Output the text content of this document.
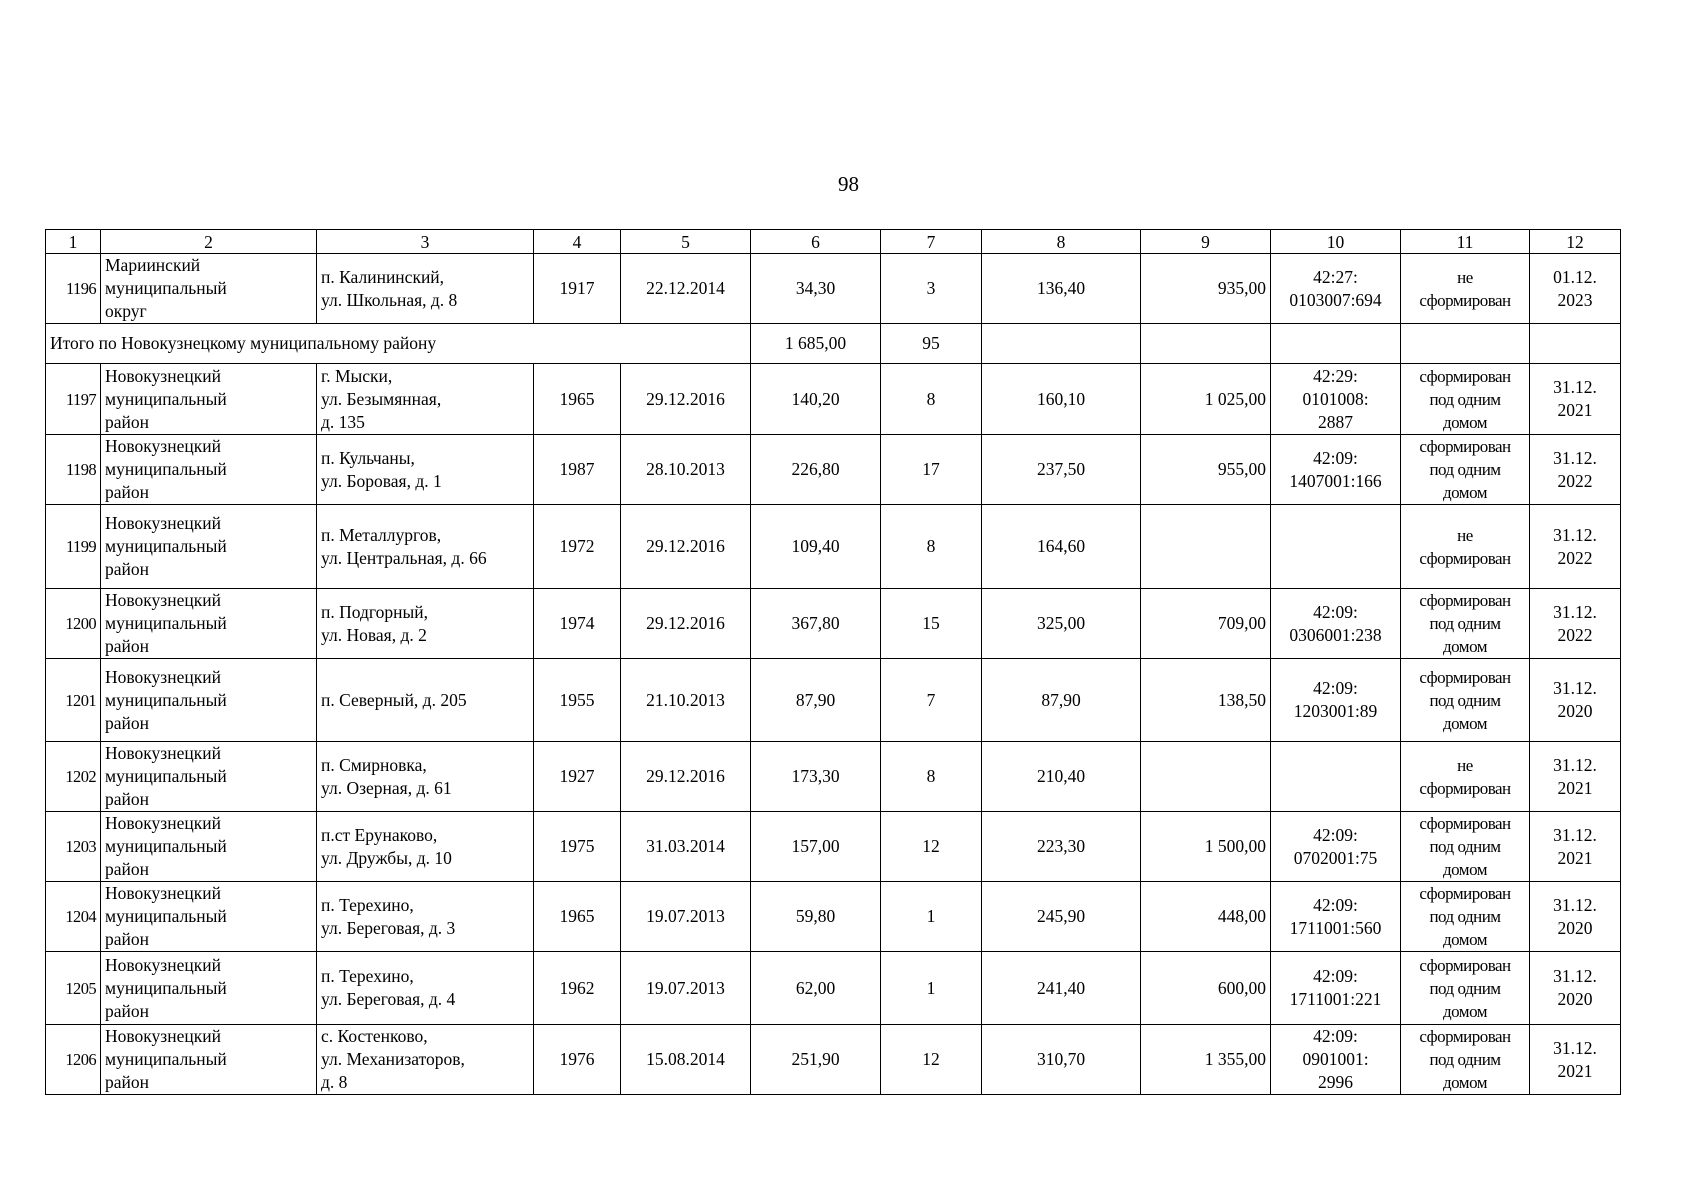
98
1	2	3	4	5	6	7	8	9	10	11	12
1196	Мариинский
муниципальный
округ	п. Калининский,
ул. Школьная, д. 8	1917	22.12.2014	34,30	3	136,40	935,00	42:27:
0103007:694	не
сформирован	01.12.
2023
Итого по Новокузнецкому муниципальному району					1 685,00	95					
1197	Новокузнецкий
муниципальный
район	г. Мыски,
ул. Безымянная,
д. 135	1965	29.12.2016	140,20	8	160,10	1 025,00	42:29:
0101008:
2887	сформирован
под одним
домом	31.12.
2021
1198	Новокузнецкий
муниципальный
район	п. Кульчаны,
ул. Боровая, д. 1	1987	28.10.2013	226,80	17	237,50	955,00	42:09:
1407001:166	сформирован
под одним
домом	31.12.
2022
1199	Новокузнецкий
муниципальный
район	п. Металлургов,
ул. Центральная, д. 66	1972	29.12.2016	109,40	8	164,60			не
сформирован	31.12.
2022
1200	Новокузнецкий
муниципальный
район	п. Подгорный,
ул. Новая, д. 2	1974	29.12.2016	367,80	15	325,00	709,00	42:09:
0306001:238	сформирован
под одним
домом	31.12.
2022
1201	Новокузнецкий
муниципальный
район	п. Северный, д. 205	1955	21.10.2013	87,90	7	87,90	138,50	42:09:
1203001:89	сформирован
под одним
домом	31.12.
2020
1202	Новокузнецкий
муниципальный
район	п. Смирновка,
ул. Озерная, д. 61	1927	29.12.2016	173,30	8	210,40			не
сформирован	31.12.
2021
1203	Новокузнецкий
муниципальный
район	п.ст Ерунаково,
ул. Дружбы, д. 10	1975	31.03.2014	157,00	12	223,30	1 500,00	42:09:
0702001:75	сформирован
под одним
домом	31.12.
2021
1204	Новокузнецкий
муниципальный
район	п. Терехино,
ул. Береговая, д. 3	1965	19.07.2013	59,80	1	245,90	448,00	42:09:
1711001:560	сформирован
под одним
домом	31.12.
2020
1205	Новокузнецкий
муниципальный
район	п. Терехино,
ул. Береговая, д. 4	1962	19.07.2013	62,00	1	241,40	600,00	42:09:
1711001:221	сформирован
под одним
домом	31.12.
2020
1206	Новокузнецкий
муниципальный
район	с. Костенково,
ул. Механизаторов,
д. 8	1976	15.08.2014	251,90	12	310,70	1 355,00	42:09:
0901001:
2996	сформирован
под одним
домом	31.12.
2021
